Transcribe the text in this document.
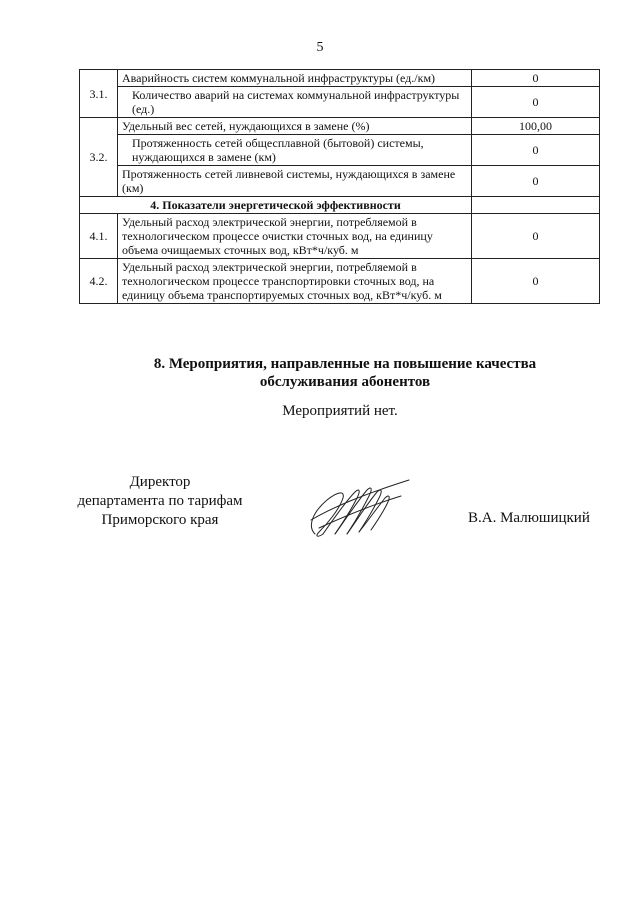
5
3.1.	Аварийность систем коммунальной инфраструктуры (ед./км)	0
	Количество аварий на системах коммунальной инфраструктуры (ед.)	0
3.2.	Удельный вес сетей, нуждающихся в замене (%)	100,00
	Протяженность сетей общесплавной (бытовой) системы, нуждающихся в замене (км)	0
	Протяженность сетей ливневой системы, нуждающихся в замене (км)	0
4. Показатели энергетической эффективности		
4.1.	Удельный расход электрической энергии, потребляемой в технологическом процессе очистки сточных вод, на единицу объема очищаемых сточных вод, кВт*ч/куб. м	0
4.2.	Удельный расход электрической энергии, потребляемой в технологическом процессе транспортировки сточных вод, на единицу объема транспортируемых сточных вод, кВт*ч/куб. м	0
8. Мероприятия, направленные на повышение качества
обслуживания абонентов
Мероприятий нет.
Директор
департамента по тарифам
Приморского края	В.А. Малюшицкий
